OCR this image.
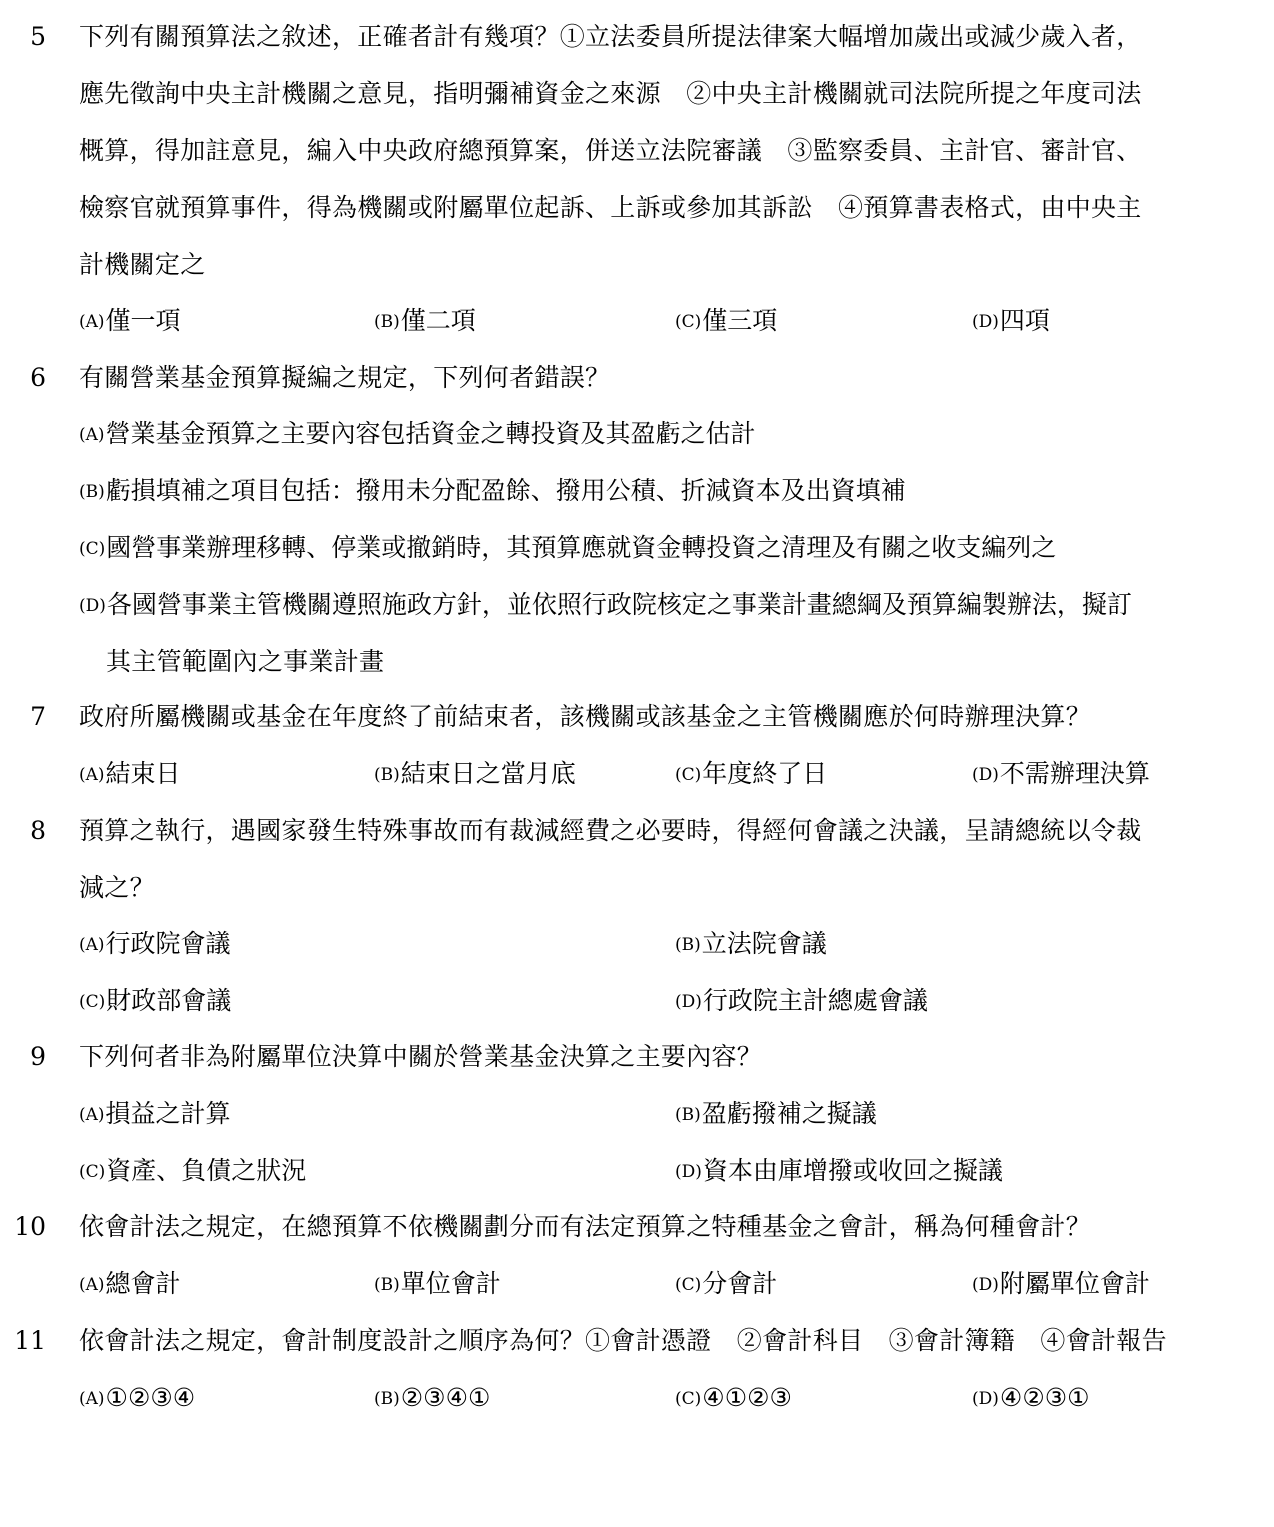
5 下列有關預算法之敘述，正確者計有幾項？①立法委員所提法律案大幅增加歲出或減少歲入者，
應先徵詢中央主計機關之意見，指明彌補資金之來源　②中央主計機關就司法院所提之年度司法
概算，得加註意見，編入中央政府總預算案，併送立法院審議　③監察委員、主計官、審計官、
檢察官就預算事件，得為機關或附屬單位起訴、上訴或參加其訴訟　④預算書表格式，由中央主
計機關定之
(A)僅一項	(B)僅二項	(C)僅三項	(D)四項
6 有關營業基金預算擬編之規定，下列何者錯誤？
(A)營業基金預算之主要內容包括資金之轉投資及其盈虧之估計
(B)虧損填補之項目包括：撥用未分配盈餘、撥用公積、折減資本及出資填補
(C)國營事業辦理移轉、停業或撤銷時，其預算應就資金轉投資之清理及有關之收支編列之
(D)各國營事業主管機關遵照施政方針，並依照行政院核定之事業計畫總綱及預算編製辦法，擬訂
其主管範圍內之事業計畫
7 政府所屬機關或基金在年度終了前結束者，該機關或該基金之主管機關應於何時辦理決算？
(A)結束日	(B)結束日之當月底	(C)年度終了日	(D)不需辦理決算
8 預算之執行，遇國家發生特殊事故而有裁減經費之必要時，得經何會議之決議，呈請總統以令裁
減之？
(A)行政院會議	(B)立法院會議
(C)財政部會議	(D)行政院主計總處會議
9 下列何者非為附屬單位決算中關於營業基金決算之主要內容？
(A)損益之計算	(B)盈虧撥補之擬議
(C)資產、負債之狀況	(D)資本由庫增撥或收回之擬議
10 依會計法之規定，在總預算不依機關劃分而有法定預算之特種基金之會計，稱為何種會計？
(A)總會計	(B)單位會計	(C)分會計	(D)附屬單位會計
11 依會計法之規定，會計制度設計之順序為何？①會計憑證　②會計科目　③會計簿籍　④會計報告
(A)①②③④	(B)②③④①	(C)④①②③	(D)④②③①
